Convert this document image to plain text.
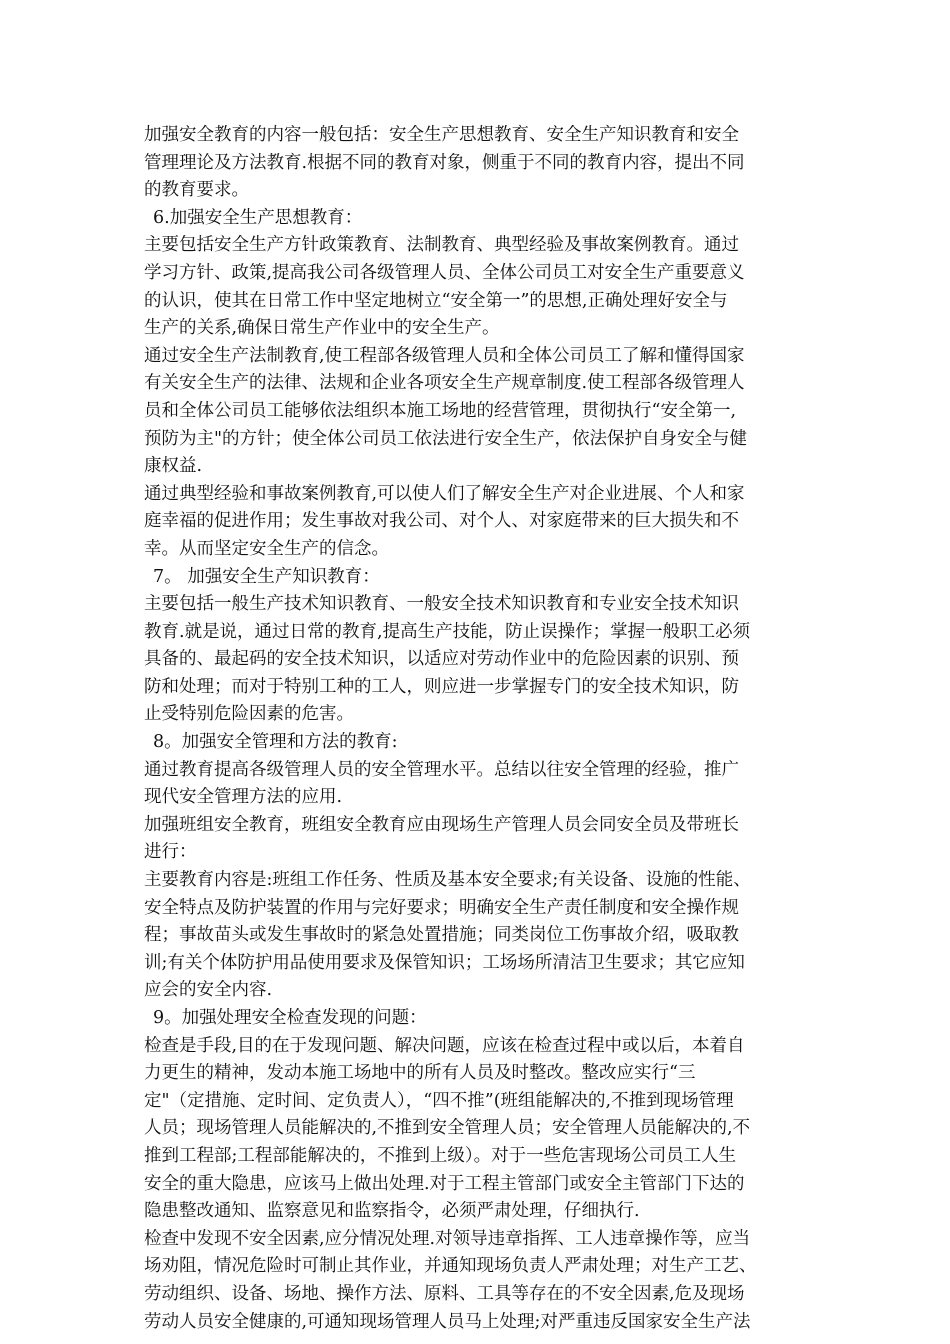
加强安全教育的内容一般包括：安全生产思想教育、安全生产知识教育和安全
管理理论及方法教育.根据不同的教育对象，侧重于不同的教育内容，提出不同
的教育要求。
6.加强安全生产思想教育：
主要包括安全生产方针政策教育、法制教育、典型经验及事故案例教育。通过
学习方针、政策,提高我公司各级管理人员、全体公司员工对安全生产重要意义
的认识，使其在日常工作中坚定地树立“安全第一”的思想,正确处理好安全与
生产的关系,确保日常生产作业中的安全生产。
通过安全生产法制教育,使工程部各级管理人员和全体公司员工了解和懂得国家
有关安全生产的法律、法规和企业各项安全生产规章制度.使工程部各级管理人
员和全体公司员工能够依法组织本施工场地的经营管理，贯彻执行“安全第一,
预防为主"的方针；使全体公司员工依法进行安全生产，依法保护自身安全与健
康权益.
通过典型经验和事故案例教育,可以使人们了解安全生产对企业进展、个人和家
庭幸福的促进作用；发生事故对我公司、对个人、对家庭带来的巨大损失和不
幸。从而坚定安全生产的信念。
7。 加强安全生产知识教育：
主要包括一般生产技术知识教育、一般安全技术知识教育和专业安全技术知识
教育.就是说，通过日常的教育,提高生产技能，防止误操作；掌握一般职工必须
具备的、最起码的安全技术知识，以适应对劳动作业中的危险因素的识别、预
防和处理；而对于特别工种的工人，则应进一步掌握专门的安全技术知识，防
止受特别危险因素的危害。
8。加强安全管理和方法的教育:
通过教育提高各级管理人员的安全管理水平。总结以往安全管理的经验，推广
现代安全管理方法的应用.
加强班组安全教育，班组安全教育应由现场生产管理人员会同安全员及带班长
进行：
主要教育内容是:班组工作任务、性质及基本安全要求;有关设备、设施的性能、
安全特点及防护装置的作用与完好要求；明确安全生产责任制度和安全操作规
程；事故苗头或发生事故时的紧急处置措施；同类岗位工伤事故介绍，吸取教
训;有关个体防护用品使用要求及保管知识；工场场所清洁卫生要求；其它应知
应会的安全内容.
9。加强处理安全检查发现的问题：
检查是手段,目的在于发现问题、解决问题，应该在检查过程中或以后，本着自
力更生的精神，发动本施工场地中的所有人员及时整改。整改应实行“三
定"（定措施、定时间、定负责人），“四不推”(班组能解决的,不推到现场管理
人员；现场管理人员能解决的,不推到安全管理人员；安全管理人员能解决的,不
推到工程部;工程部能解决的，不推到上级）。对于一些危害现场公司员工人生
安全的重大隐患，应该马上做出处理.对于工程主管部门或安全主管部门下达的
隐患整改通知、监察意见和监察指令，必须严肃处理，仔细执行.
检查中发现不安全因素,应分情况处理.对领导违章指挥、工人违章操作等，应当
场劝阻，情况危险时可制止其作业，并通知现场负责人严肃处理；对生产工艺、
劳动组织、设备、场地、操作方法、原料、工具等存在的不安全因素,危及现场
劳动人员安全健康的,可通知现场管理人员马上处理;对严重违反国家安全生产法
